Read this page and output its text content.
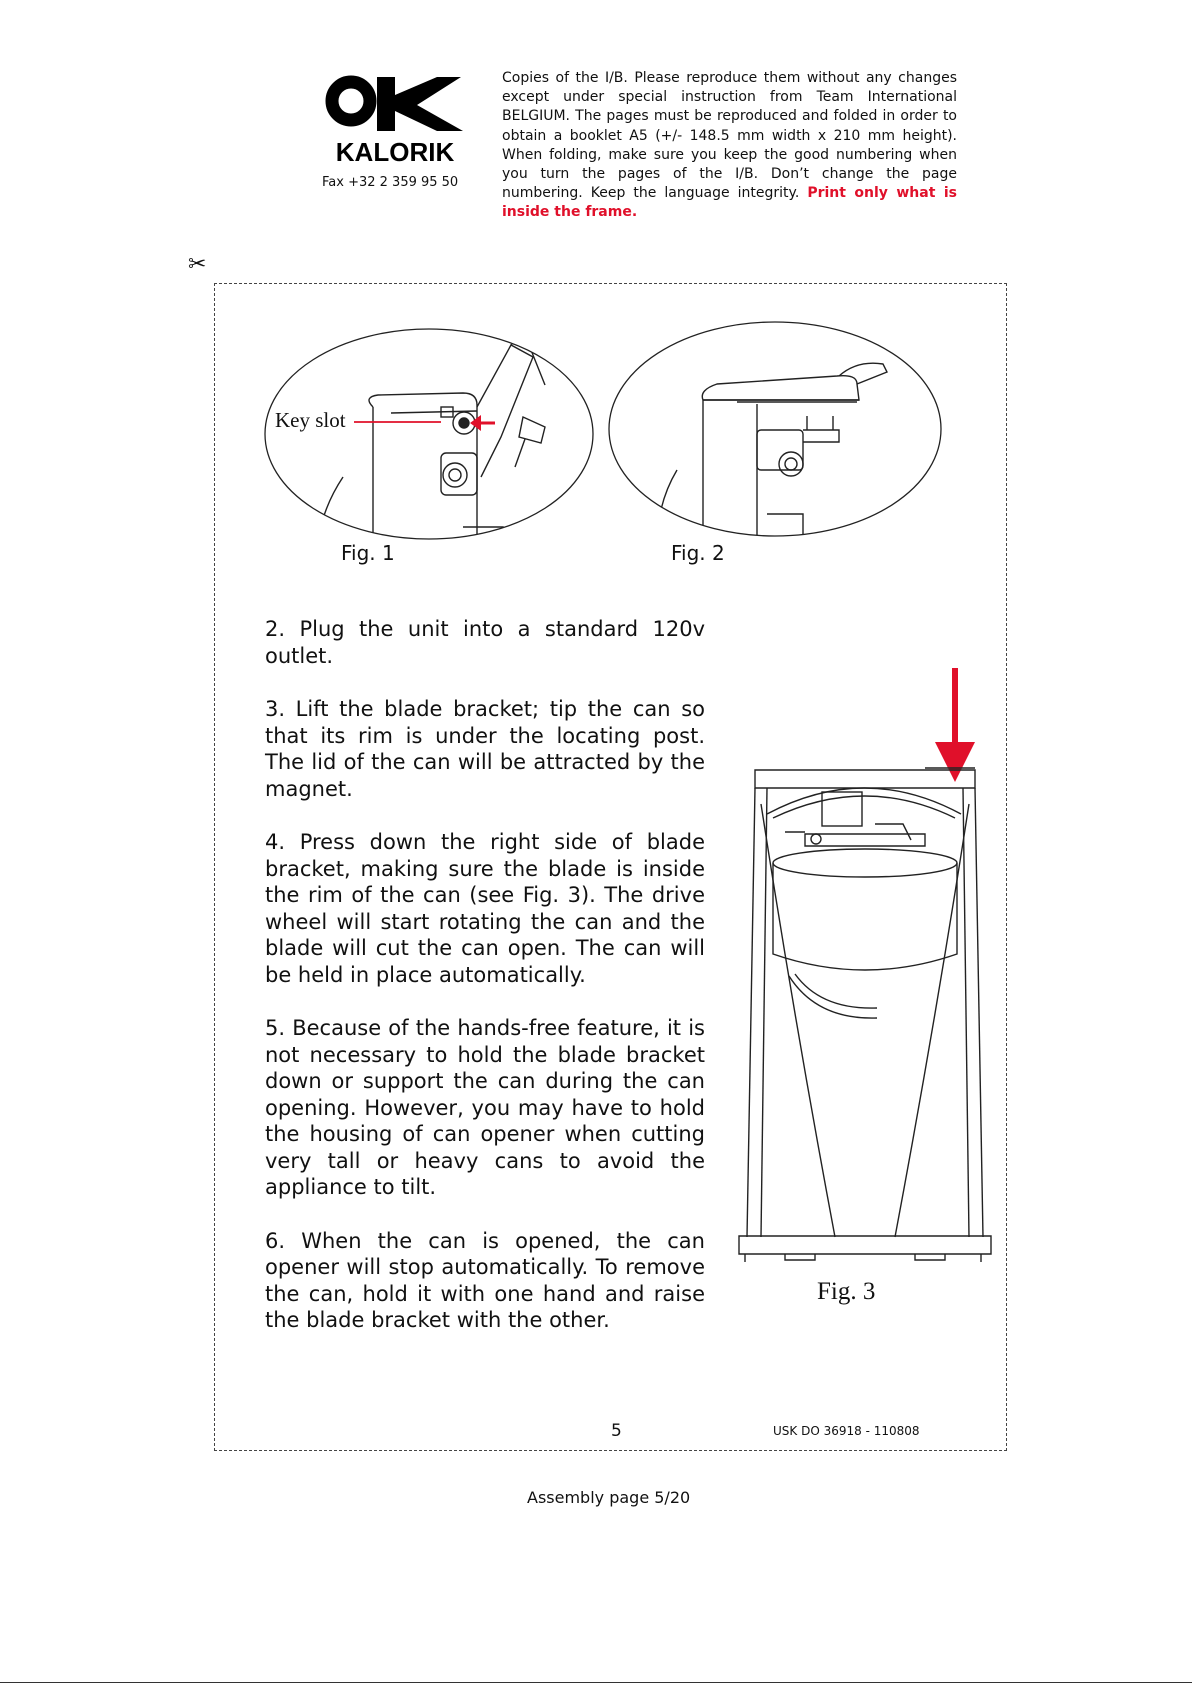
KALORIK
Fax +32 2 359 95 50
Copies of the I/B. Please reproduce them without any changes except under special instruction from Team International BELGIUM. The pages must be reproduced and folded in order to obtain a booklet A5 (+/- 148.5 mm width x 210 mm height). When folding, make sure you keep the good numbering when you turn the pages of the I/B. Don’t change the page numbering. Keep the language integrity. Print only what is inside the frame.
✂
Key slot
Fig. 1	Fig. 2

2. Plug the unit into a standard 120v outlet.

3. Lift the blade bracket; tip the can so that its rim is under the locating post. The lid of the can will be attracted by the magnet.

4. Press down the right side of blade bracket, making sure the blade is inside the rim of the can (see Fig. 3). The drive wheel will start rotating the can and the blade will cut the can open. The can will be held in place automatically.

5. Because of the hands-free feature, it is not necessary to hold the blade bracket down or support the can during the can opening. However, you may have to hold the housing of can opener when cutting very tall or heavy cans to avoid the appliance to tilt.

6. When the can is opened, the can opener will stop automatically. To remove the can, hold it with one hand and raise the blade bracket with the other.

Fig. 3
5	USK DO 36918 - 110808
Assembly page 5/20
